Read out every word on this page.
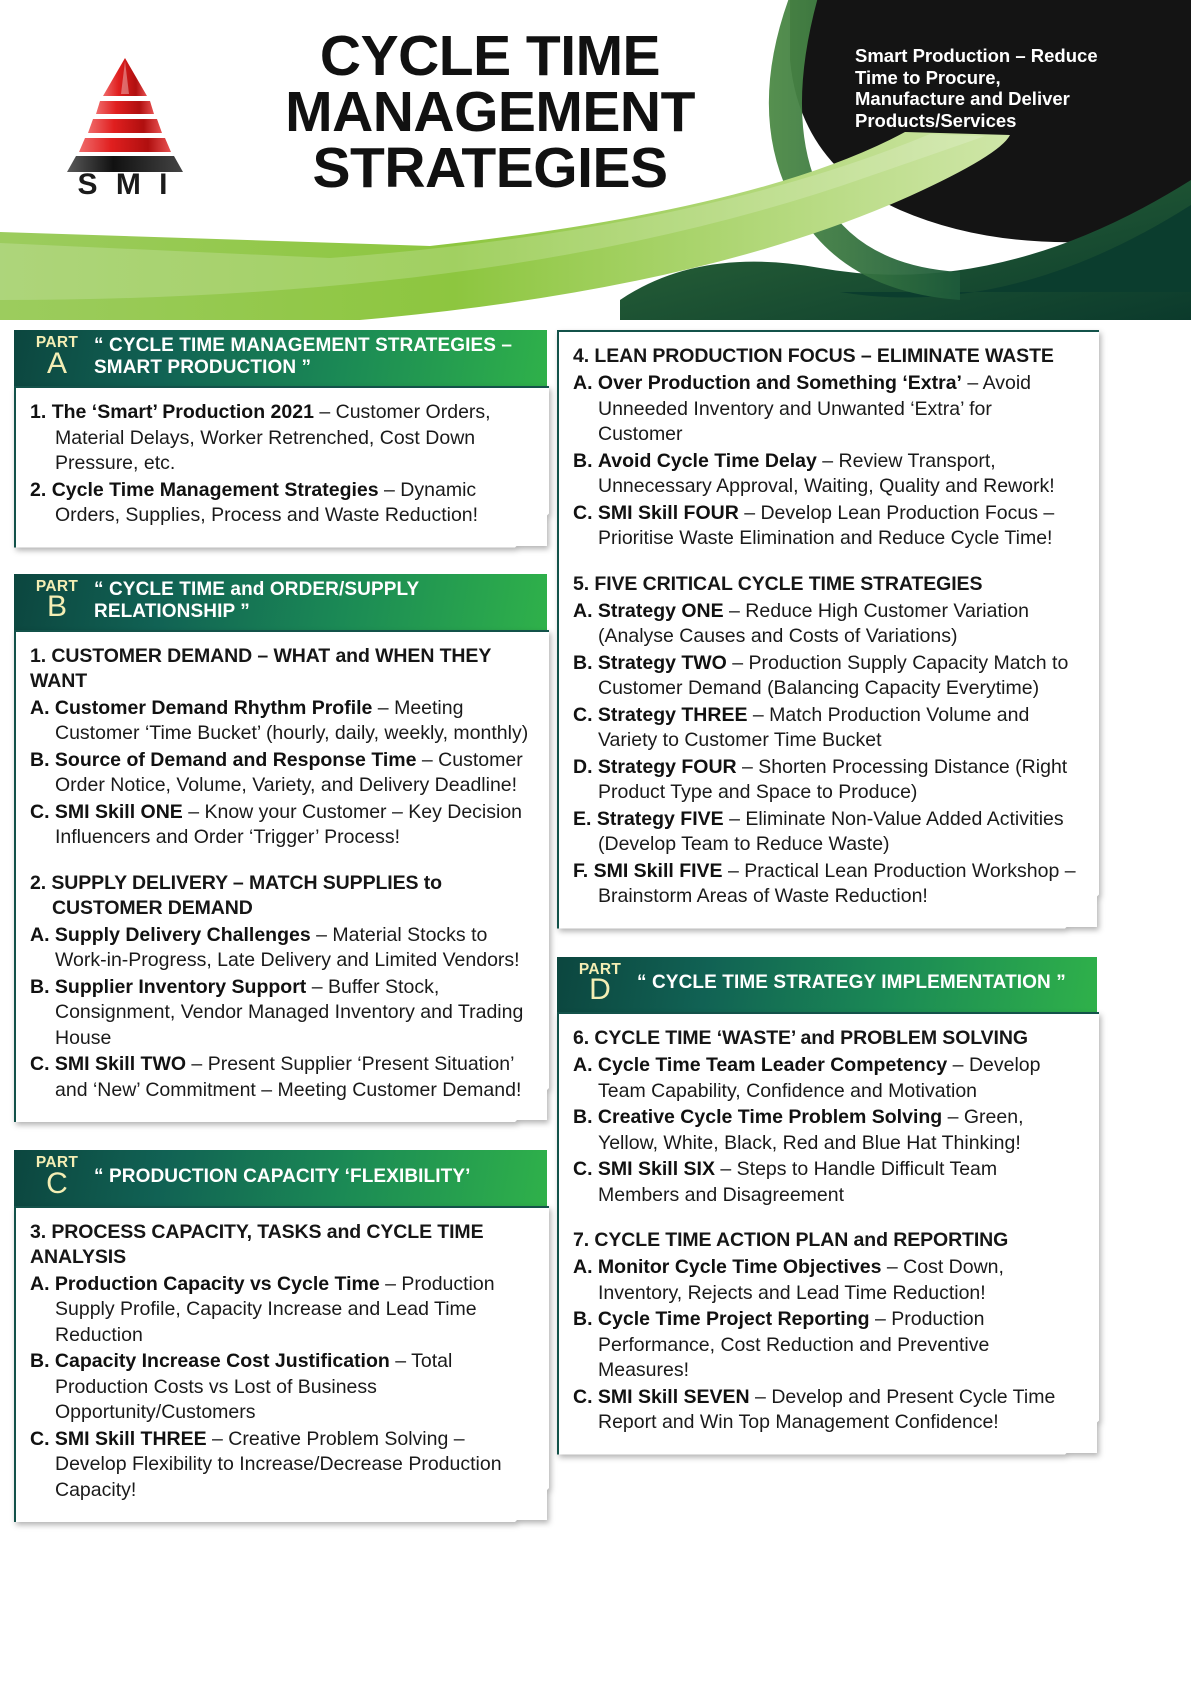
S M I
CYCLE TIME
MANAGEMENT
STRATEGIES
Smart Production – Reduce Time to Procure, Manufacture and Deliver Products/Services
PART
A
“ CYCLE TIME MANAGEMENT STRATEGIES – SMART PRODUCTION ”

1. The ‘Smart’ Production 2021 – Customer Orders, Material Delays, Worker Retrenched, Cost Down Pressure, etc.

2. Cycle Time Management Strategies – Dynamic Orders, Supplies, Process and Waste Reduction!

PART
B
“ CYCLE TIME and ORDER/SUPPLY RELATIONSHIP ”

1. CUSTOMER DEMAND – WHAT and WHEN THEY WANT

A. Customer Demand Rhythm Profile – Meeting Customer ‘Time Bucket’ (hourly, daily, weekly, monthly)

B. Source of Demand and Response Time – Customer Order Notice, Volume, Variety, and Delivery Deadline!

C. SMI Skill ONE – Know your Customer – Key Decision Influencers and Order ‘Trigger’ Process!

2. SUPPLY DELIVERY – MATCH SUPPLIES to CUSTOMER DEMAND

A. Supply Delivery Challenges – Material Stocks to Work-in-Progress, Late Delivery and Limited Vendors!

B. Supplier Inventory Support – Buffer Stock, Consignment, Vendor Managed Inventory and Trading House

C. SMI Skill TWO – Present Supplier ‘Present Situation’ and ‘New’ Commitment – Meeting Customer Demand!

PART
C	“ PRODUCTION CAPACITY ‘FLEXIBILITY’

3. PROCESS CAPACITY, TASKS and CYCLE TIME ANALYSIS

A. Production Capacity vs Cycle Time – Production Supply Profile, Capacity Increase and Lead Time Reduction

B. Capacity Increase Cost Justification – Total Production Costs vs Lost of Business Opportunity/Customers

C. SMI Skill THREE – Creative Problem Solving – Develop Flexibility to Increase/Decrease Production Capacity!

4. LEAN PRODUCTION FOCUS – ELIMINATE WASTE

A. Over Production and Something ‘Extra’ – Avoid Unneeded Inventory and Unwanted ‘Extra’ for Customer

B. Avoid Cycle Time Delay – Review Transport, Unnecessary Approval, Waiting, Quality and Rework!

C. SMI Skill FOUR – Develop Lean Production Focus – Prioritise Waste Elimination and Reduce Cycle Time!

5. FIVE CRITICAL CYCLE TIME STRATEGIES

A. Strategy ONE – Reduce High Customer Variation (Analyse Causes and Costs of Variations)

B. Strategy TWO – Production Supply Capacity Match to Customer Demand (Balancing Capacity Everytime)

C. Strategy THREE – Match Production Volume and Variety to Customer Time Bucket

D. Strategy FOUR – Shorten Processing Distance (Right Product Type and Space to Produce)

E. Strategy FIVE – Eliminate Non-Value Added Activities (Develop Team to Reduce Waste)

F. SMI Skill FIVE – Practical Lean Production Workshop – Brainstorm Areas of Waste Reduction!

PART
D	“ CYCLE TIME STRATEGY IMPLEMENTATION ”

6. CYCLE TIME ‘WASTE’ and PROBLEM SOLVING

A. Cycle Time Team Leader Competency – Develop Team Capability, Confidence and Motivation

B. Creative Cycle Time Problem Solving – Green, Yellow, White, Black, Red and Blue Hat Thinking!

C. SMI Skill SIX – Steps to Handle Difficult Team Members and Disagreement

7. CYCLE TIME ACTION PLAN and REPORTING

A. Monitor Cycle Time Objectives – Cost Down, Inventory, Rejects and Lead Time Reduction!

B. Cycle Time Project Reporting – Production Performance, Cost Reduction and Preventive Measures!

C. SMI Skill SEVEN – Develop and Present Cycle Time Report and Win Top Management Confidence!
